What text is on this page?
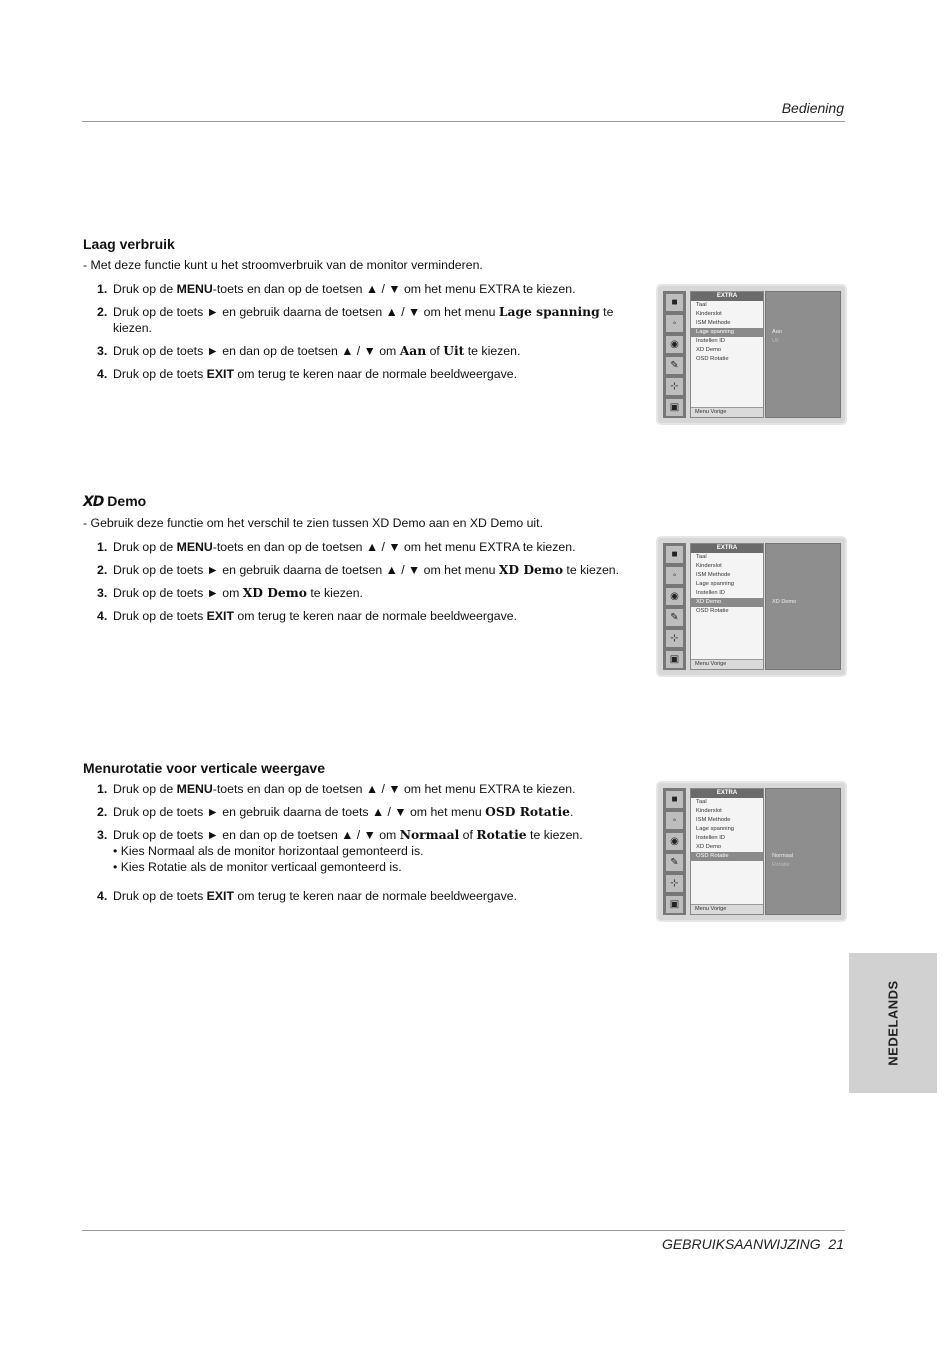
Bediening
Laag verbruik

- Met deze functie kunt u het stroomverbruik van de monitor verminderen.

1. Druk op de MENU-toets en dan op de toetsen ▲ / ▼ om het menu EXTRA te kiezen.
2. Druk op de toets ► en gebruik daarna de toetsen ▲ / ▼ om het menu Lage spanning te kiezen.
3. Druk op de toets ► en dan op de toetsen ▲ / ▼ om Aan of Uit te kiezen.
4. Druk op de toets EXIT om terug te keren naar de normale beeldweergave.
XD Demo

- Gebruik deze functie om het verschil te zien tussen XD Demo aan en XD Demo uit.

1. Druk op de MENU-toets en dan op de toetsen ▲ / ▼ om het menu EXTRA te kiezen.
2. Druk op de toets ► en gebruik daarna de toetsen ▲ / ▼ om het menu XD Demo te kiezen.
3. Druk op de toets ► om XD Demo te kiezen.
4. Druk op de toets EXIT om terug te keren naar de normale beeldweergave.
Menurotatie voor verticale weergave
1. Druk op de MENU-toets en dan op de toetsen ▲ / ▼ om het menu EXTRA te kiezen.
2. Druk op de toets ► en gebruik daarna de toets ▲ / ▼ om het menu OSD Rotatie.
3. Druk op de toets ► en dan op de toetsen ▲ / ▼ om Normaal of Rotatie te kiezen.
• Kies Normaal als de monitor horizontaal gemonteerd is.
• Kies Rotatie als de monitor verticaal gemonteerd is.
4. Druk op de toets EXIT om terug te keren naar de normale beeldweergave.
■
◦
◉
✎
⊹
▣
EXTRA
Taal
Kinderslot
ISM Methode
Lage spanning
Instellen ID
XD Demo
OSD Rotatie
Menu Vorige
Aan
Uit
■
◦
◉
✎
⊹
▣
EXTRA
Taal
Kinderslot
ISM Methode
Lage spanning
Instellen ID
XD Demo
OSD Rotatie
Menu Vorige
XD Demo
■
◦
◉
✎
⊹
▣
EXTRA
Taal
Kinderslot
ISM Methode
Lage spanning
Instellen ID
XD Demo
OSD Rotatie
Menu Vorige
Normaal
Rotatie
NEDELANDS
GEBRUIKSAANWIJZING 21
